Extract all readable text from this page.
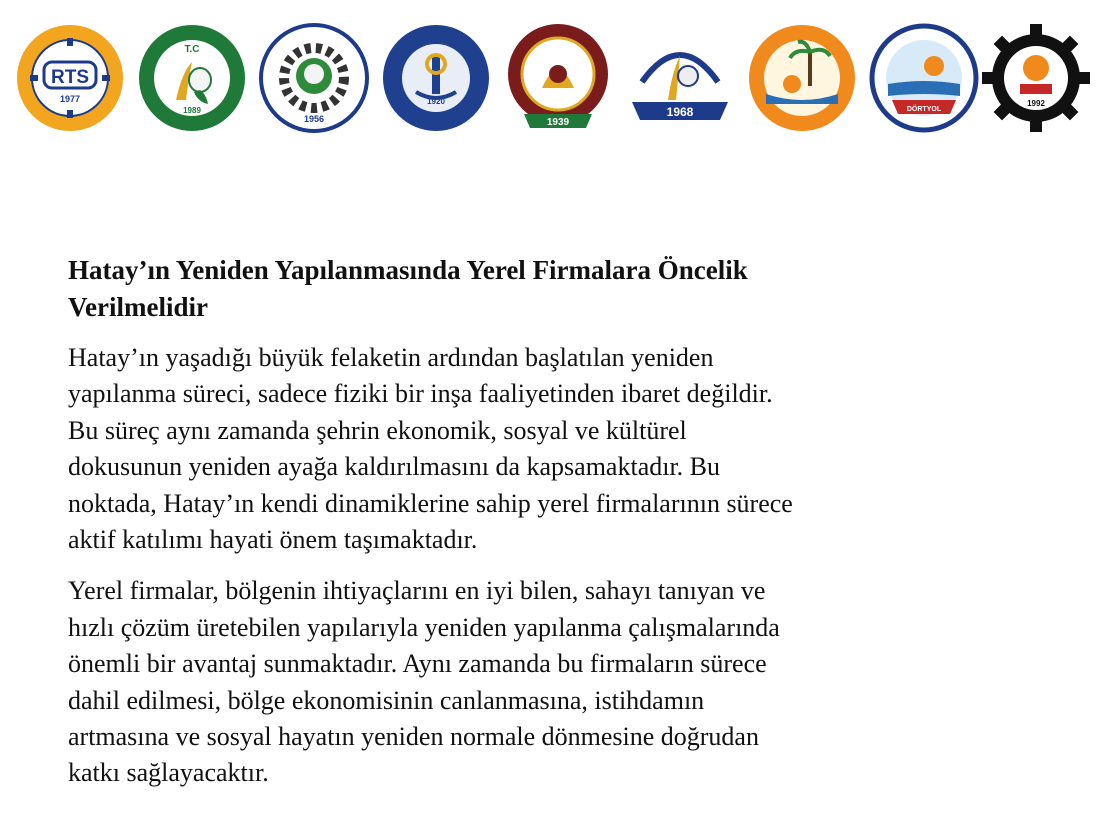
RTS
1977
T.C
1989
1956
1920
1939
1968	DÖRTYOL
1992
Hatay’ın Yeniden Yapılanmasında Yerel Firmalara Öncelik
Verilmelidir

Hatay’ın yaşadığı büyük felaketin ardından başlatılan yeniden
yapılanma süreci, sadece fiziki bir inşa faaliyetinden ibaret değildir.
Bu süreç aynı zamanda şehrin ekonomik, sosyal ve kültürel
dokusunun yeniden ayağa kaldırılmasını da kapsamaktadır. Bu
noktada, Hatay’ın kendi dinamiklerine sahip yerel firmalarının sürece
aktif katılımı hayati önem taşımaktadır.

Yerel firmalar, bölgenin ihtiyaçlarını en iyi bilen, sahayı tanıyan ve
hızlı çözüm üretebilen yapılarıyla yeniden yapılanma çalışmalarında
önemli bir avantaj sunmaktadır. Aynı zamanda bu firmaların sürece
dahil edilmesi, bölge ekonomisinin canlanmasına, istihdamın
artmasına ve sosyal hayatın yeniden normale dönmesine doğrudan
katkı sağlayacaktır.
